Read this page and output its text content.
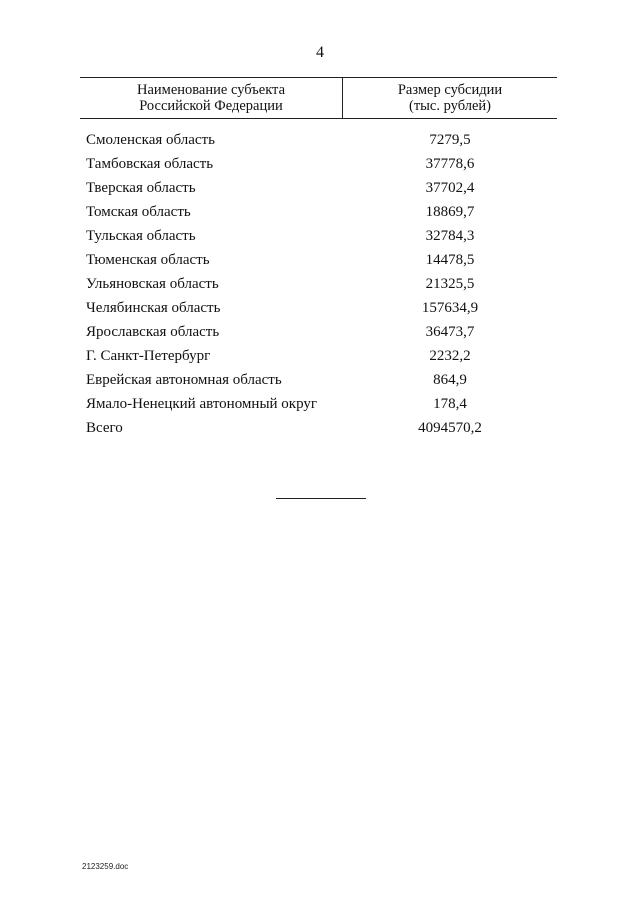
4
Наименование субъекта
Российской Федерации
Размер субсидии
(тыс. рублей)
Смоленская область	7279,5
Тамбовская область	37778,6
Тверская область	37702,4
Томская область	18869,7
Тульская область	32784,3
Тюменская область	14478,5
Ульяновская область	21325,5
Челябинская область	157634,9
Ярославская область	36473,7
Г. Санкт-Петербург	2232,2
Еврейская автономная область	864,9
Ямало-Ненецкий автономный округ	178,4
Всего	4094570,2
2123259.doc
